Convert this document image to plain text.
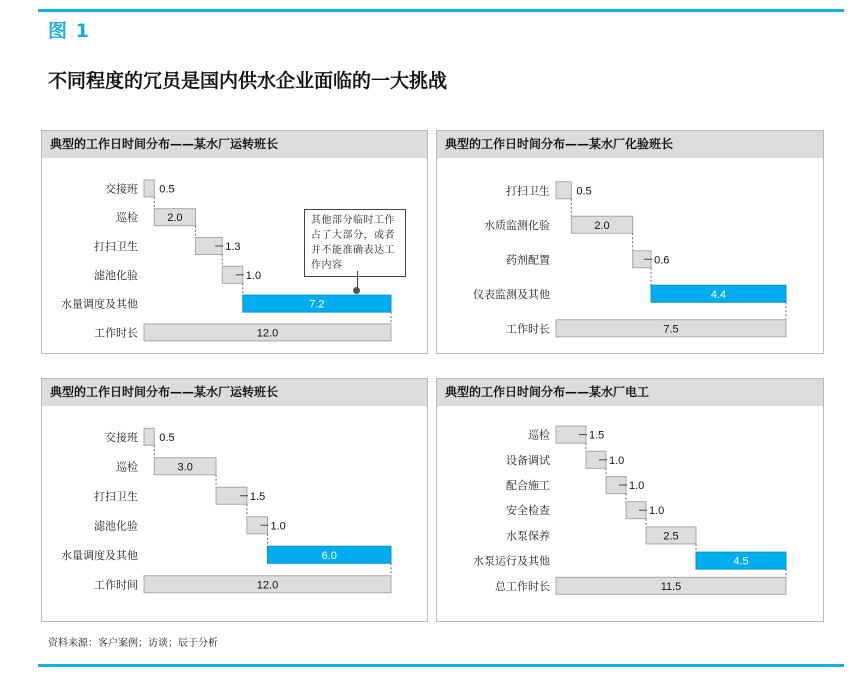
图 1
不同程度的冗员是国内供水企业面临的一大挑战
典型的工作日时间分布——某水厂运转班长
交接班 0.5
巡检	2.0
打扫卫生	1.3
滤池化验	1.0
水量调度及其他	7.2
工作时长	12.0
典型的工作日时间分布——某水厂化验班长
打扫卫生 0.5
水质监测化验	2.0
药剂配置	0.6
仪表监测及其他	4.4
工作时长	7.5
典型的工作日时间分布——某水厂运转班长
交接班 0.5
巡检	3.0
打扫卫生	1.5
滤池化验	1.0
水量调度及其他	6.0
工作时间	12.0
典型的工作日时间分布——某水厂电工
巡检	1.5
设备调试	1.0
配合施工	1.0
安全检查	1.0
水泵保养	2.5
水泵运行及其他	4.5
总工作时长	11.5
其他部分临时工作占了大部分，或者并不能准确表达工作内容
资料来源：客户案例；访谈；辰于分析
